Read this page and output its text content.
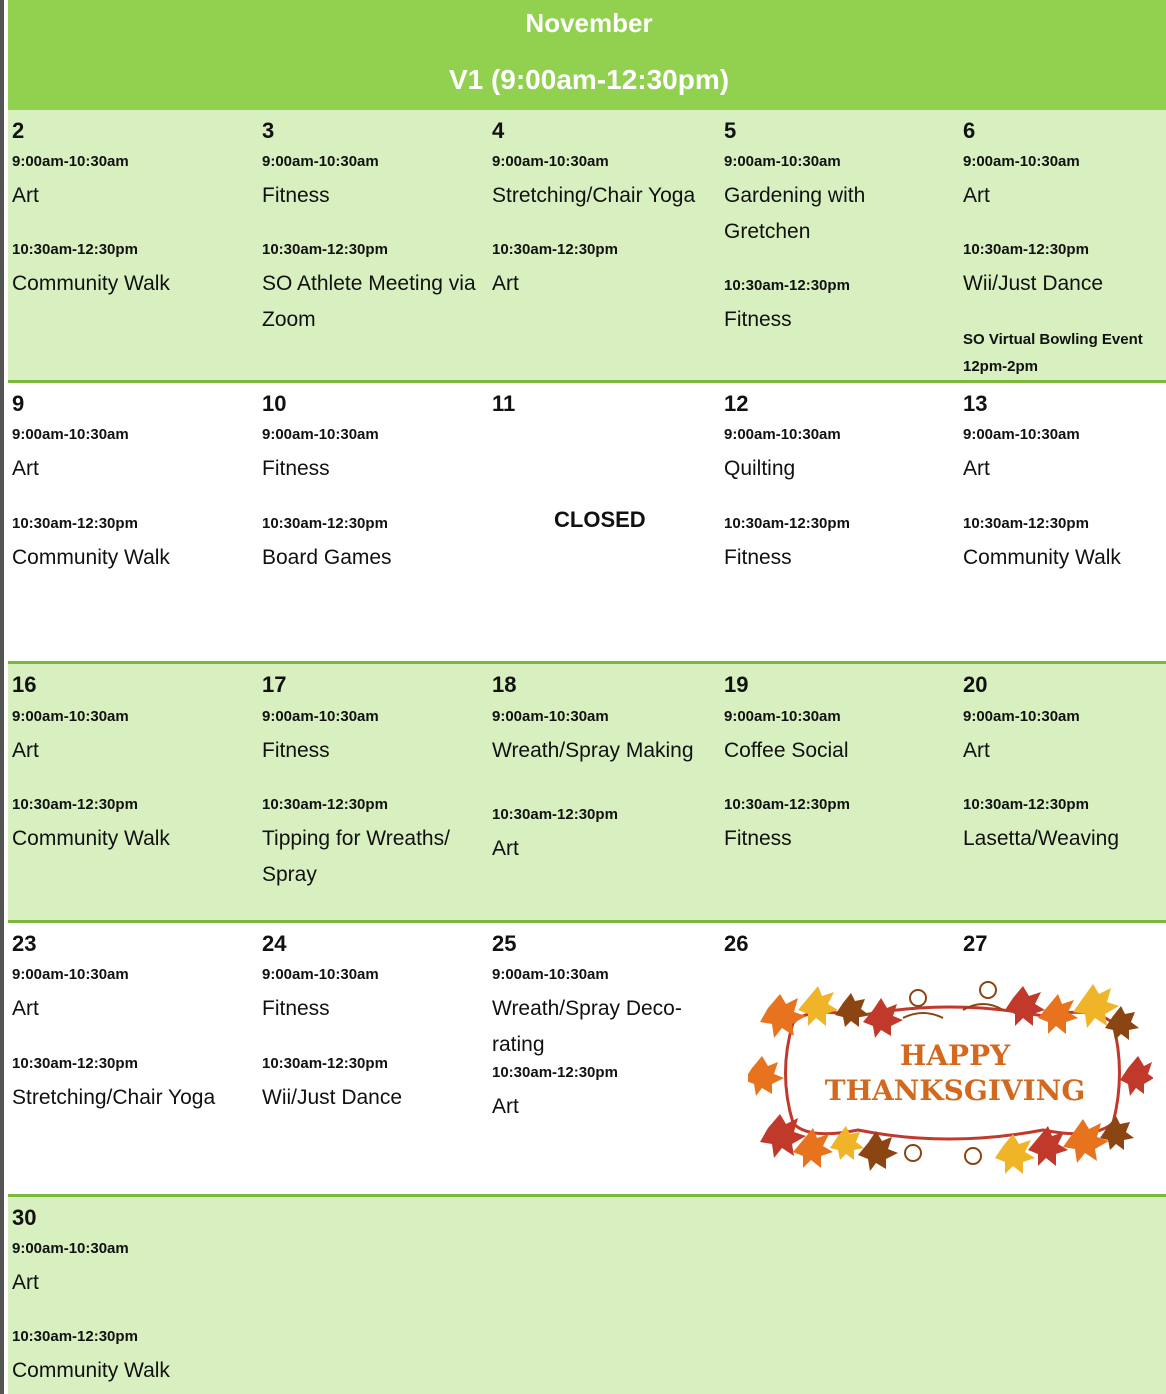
November
V1 (9:00am-12:30pm)
2
9:00am-10:30am
Art
10:30am-12:30pm
Community Walk
3
9:00am-10:30am
Fitness
10:30am-12:30pm
SO Athlete Meeting via Zoom
4
9:00am-10:30am
Stretching/Chair Yoga
10:30am-12:30pm
Art
5
9:00am-10:30am
Gardening with Gretchen
10:30am-12:30pm
Fitness
6
9:00am-10:30am
Art
10:30am-12:30pm
Wii/Just Dance
SO Virtual Bowling Event
12pm-2pm
9
9:00am-10:30am
Art
10:30am-12:30pm
Community Walk
10
9:00am-10:30am
Fitness
10:30am-12:30pm
Board Games
11
CLOSED
12
9:00am-10:30am
Quilting
10:30am-12:30pm
Fitness
13
9:00am-10:30am
Art
10:30am-12:30pm
Community Walk
16
9:00am-10:30am
Art
10:30am-12:30pm
Community Walk
17
9:00am-10:30am
Fitness
10:30am-12:30pm
Tipping for Wreaths/ Spray
18
9:00am-10:30am
Wreath/Spray Making
10:30am-12:30pm
Art
19
9:00am-10:30am
Coffee Social
10:30am-12:30pm
Fitness
20
9:00am-10:30am
Art
10:30am-12:30pm
Lasetta/Weaving
23
9:00am-10:30am
Art
10:30am-12:30pm
Stretching/Chair Yoga
24
9:00am-10:30am
Fitness
10:30am-12:30pm
Wii/Just Dance
25
9:00am-10:30am
Wreath/Spray Deco-rating
10:30am-12:30pm
Art
26	27
HAPPY
THANKSGIVING
30
9:00am-10:30am
Art
10:30am-12:30pm
Community Walk
